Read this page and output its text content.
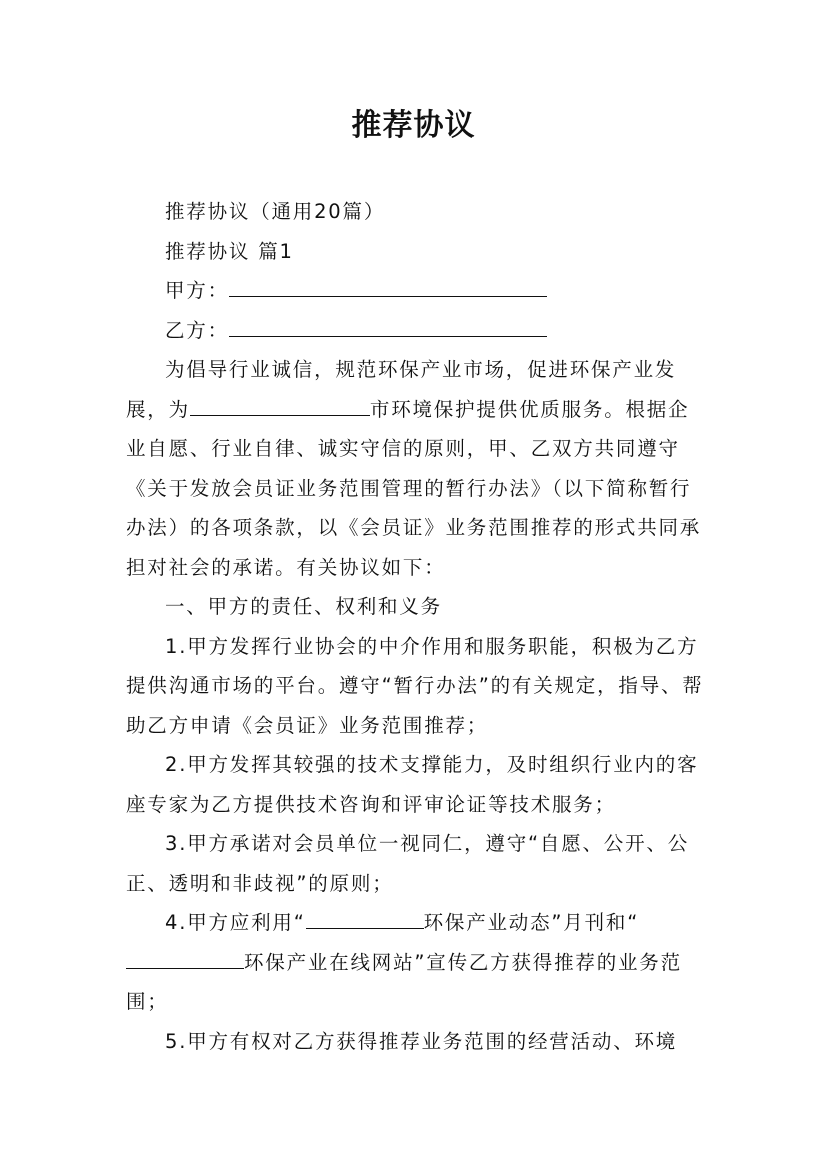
推荐协议

推荐协议（通用20篇）

推荐协议 篇1

甲方：

乙方：

为倡导行业诚信，规范环保产业市场，促进环保产业发展，为	市环境保护提供优质服务。根据企业自愿、行业自律、诚实守信的原则，甲、乙双方共同遵守《关于发放会员证业务范围管理的暂行办法》（以下简称暂行办法）的各项条款，以《会员证》业务范围推荐的形式共同承担对社会的承诺。有关协议如下：

一、甲方的责任、权利和义务

1.甲方发挥行业协会的中介作用和服务职能，积极为乙方提供沟通市场的平台。遵守“暂行办法”的有关规定，指导、帮助乙方申请《会员证》业务范围推荐；

2.甲方发挥其较强的技术支撑能力，及时组织行业内的客座专家为乙方提供技术咨询和评审论证等技术服务；

3.甲方承诺对会员单位一视同仁，遵守“自愿、公开、公正、透明和非歧视”的原则；

4.甲方应利用“	环保产业动态”月刊和“环保产业在线网站”宣传乙方获得推荐的业务范围；

5.甲方有权对乙方获得推荐业务范围的经营活动、环境
